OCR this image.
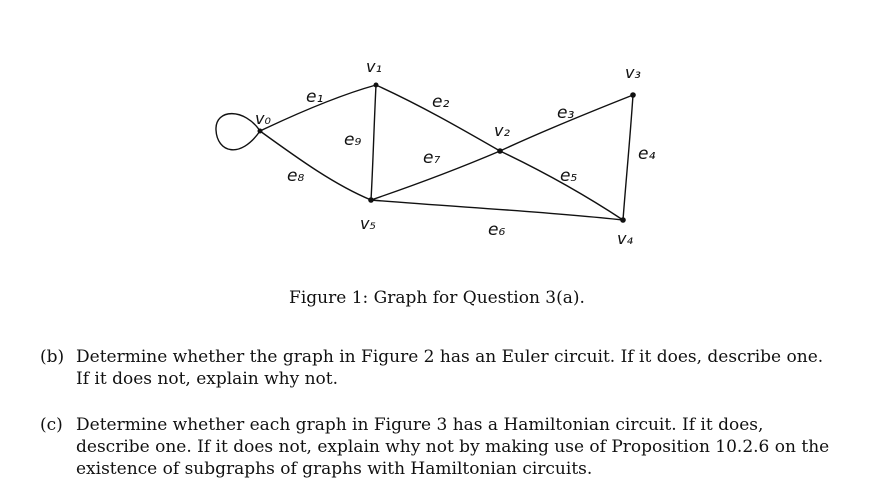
v₀
v₁
v₂
v₃
v₄
v₅
e₁	e₂
e₃
e₄
e₅
e₆
e₇
e₈
e₉
Figure 1: Graph for Question 3(a).
(b) Determine whether the graph in Figure 2 has an Euler circuit. If it does, describe one. If it does not, explain why not.
(c) Determine whether each graph in Figure 3 has a Hamiltonian circuit. If it does, describe one. If it does not, explain why not by making use of Proposition 10.2.6 on the existence of subgraphs of graphs with Hamiltonian circuits.
